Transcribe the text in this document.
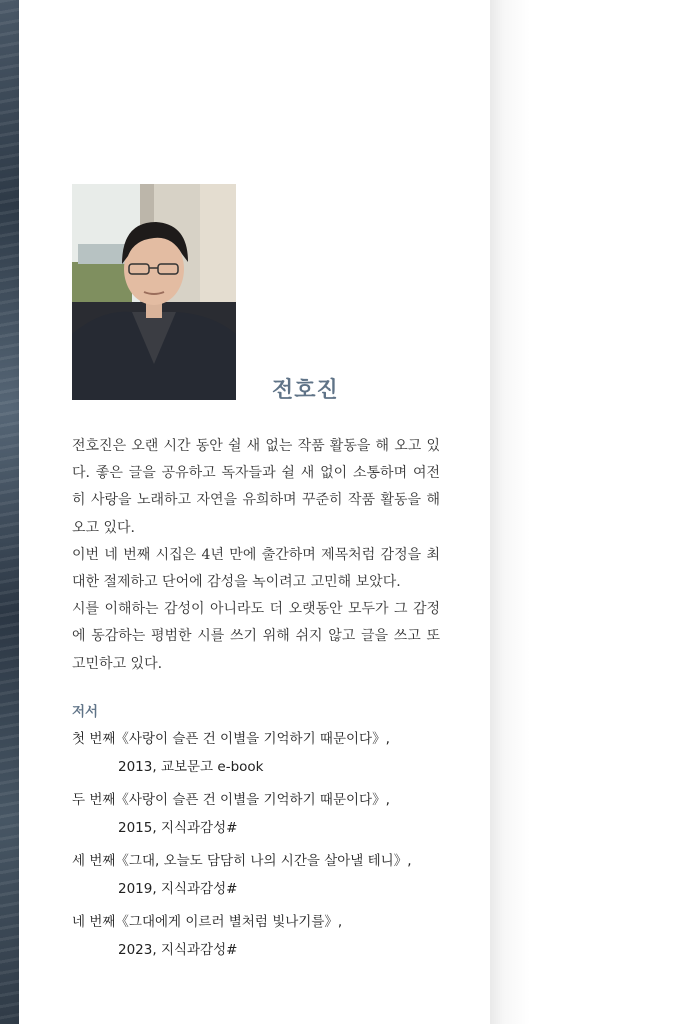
전호진

전호진은 오랜 시간 동안 쉴 새 없는 작품 활동을 해 오고 있다. 좋은 글을 공유하고 독자들과 쉴 새 없이 소통하며 여전히 사랑을 노래하고 자연을 유희하며 꾸준히 작품 활동을 해 오고 있다.

이번 네 번째 시집은 4년 만에 출간하며 제목처럼 감정을 최대한 절제하고 단어에 감성을 녹이려고 고민해 보았다.

시를 이해하는 감성이 아니라도 더 오랫동안 모두가 그 감정에 동감하는 평범한 시를 쓰기 위해 쉬지 않고 글을 쓰고 또 고민하고 있다.

저서
첫 번째《사랑이 슬픈 건 이별을 기억하기 때문이다》,
2013, 교보문고 e-book
두 번째《사랑이 슬픈 건 이별을 기억하기 때문이다》,
2015, 지식과감성#
세 번째《그대, 오늘도 담담히 나의 시간을 살아낼 테니》,
2019, 지식과감성#
네 번째《그대에게 이르러 별처럼 빛나기를》,
2023, 지식과감성#
